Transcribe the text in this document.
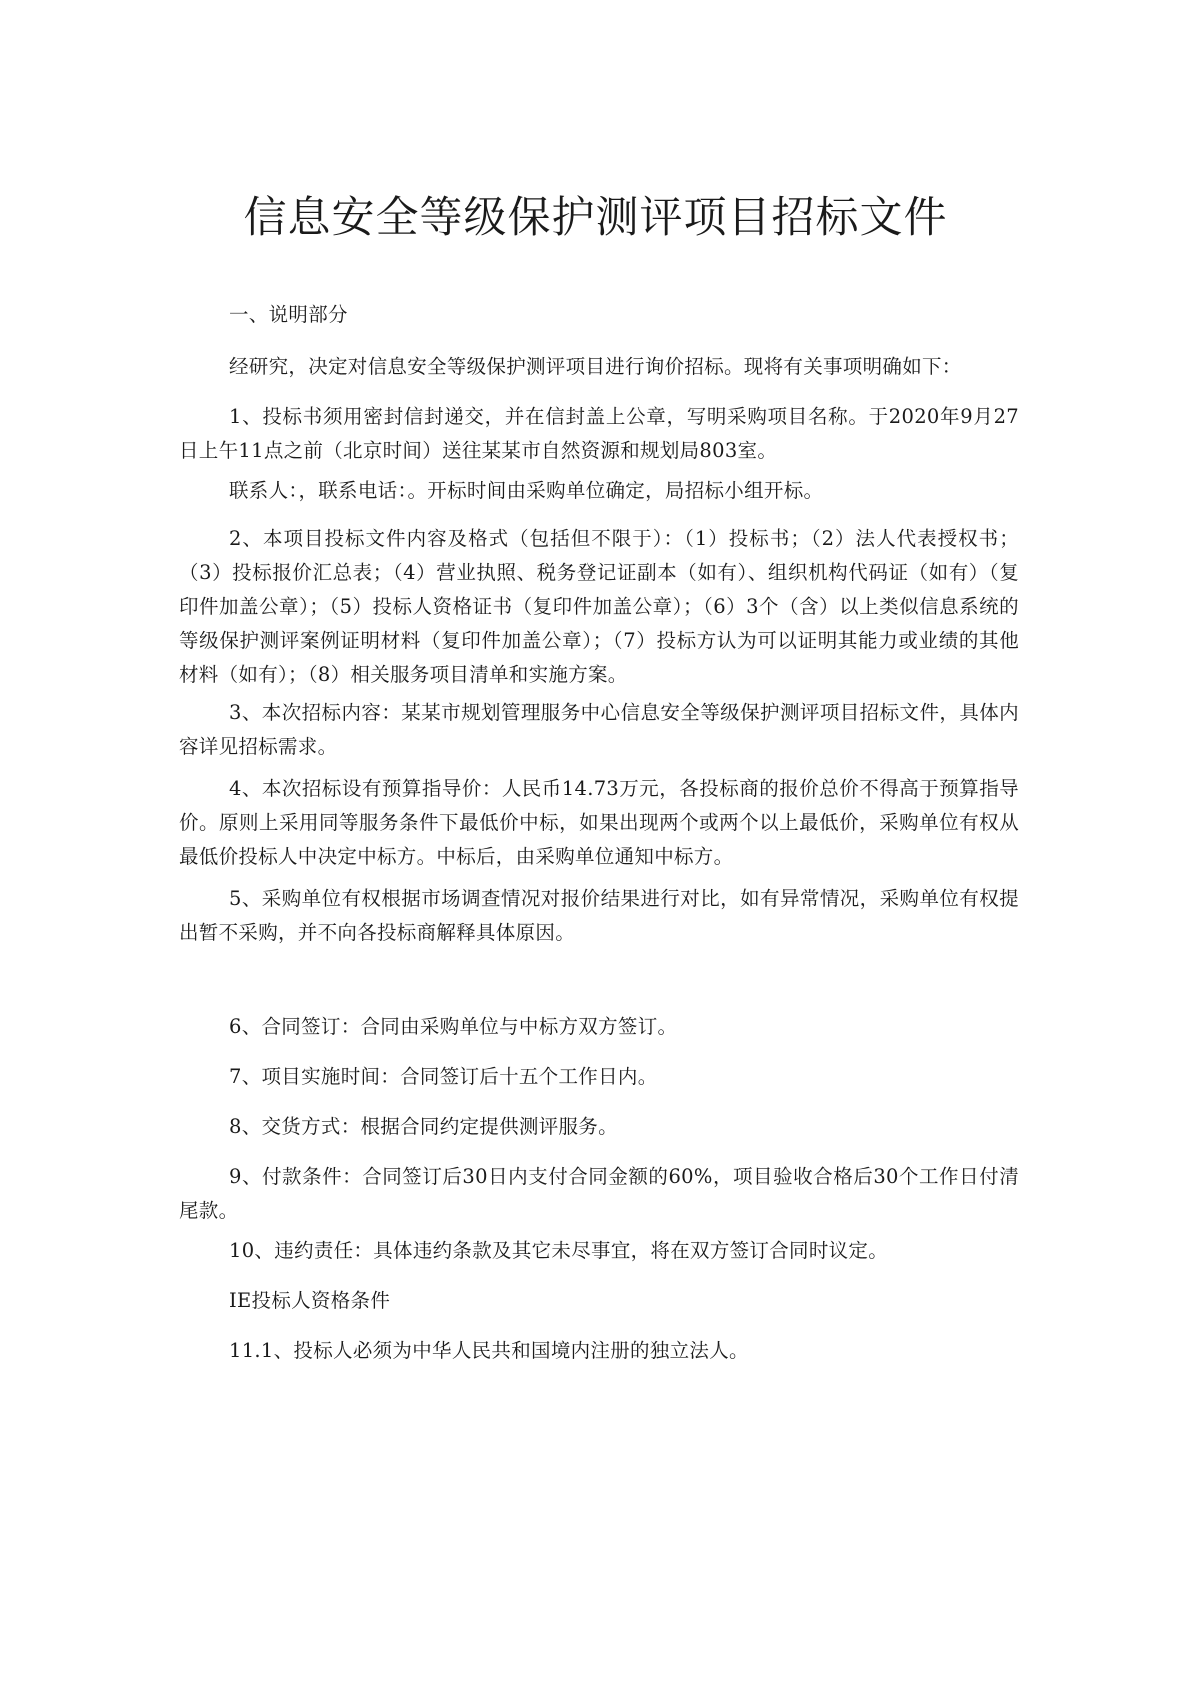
信息安全等级保护测评项目招标文件

一、说明部分

经研究，决定对信息安全等级保护测评项目进行询价招标。现将有关事项明确如下：

1、投标书须用密封信封递交，并在信封盖上公章，写明采购项目名称。于2020年9月27日上午11点之前（北京时间）送往某某市自然资源和规划局803室。

联系人：，联系电话：。开标时间由采购单位确定，局招标小组开标。

2、本项目投标文件内容及格式（包括但不限于）：（1）投标书；（2）法人代表授权书；（3）投标报价汇总表；（4）营业执照、税务登记证副本（如有）、组织机构代码证（如有）（复印件加盖公章）；（5）投标人资格证书（复印件加盖公章）；（6）3个（含）以上类似信息系统的等级保护测评案例证明材料（复印件加盖公章）；（7）投标方认为可以证明其能力或业绩的其他材料（如有）；（8）相关服务项目清单和实施方案。

3、本次招标内容：某某市规划管理服务中心信息安全等级保护测评项目招标文件，具体内容详见招标需求。

4、本次招标设有预算指导价：人民币14.73万元，各投标商的报价总价不得高于预算指导价。原则上采用同等服务条件下最低价中标，如果出现两个或两个以上最低价，采购单位有权从最低价投标人中决定中标方。中标后，由采购单位通知中标方。

5、采购单位有权根据市场调查情况对报价结果进行对比，如有异常情况，采购单位有权提出暂不采购，并不向各投标商解释具体原因。

6、合同签订：合同由采购单位与中标方双方签订。

7、项目实施时间：合同签订后十五个工作日内。

8、交货方式：根据合同约定提供测评服务。

9、付款条件：合同签订后30日内支付合同金额的60%，项目验收合格后30个工作日付清尾款。

10、违约责任：具体违约条款及其它未尽事宜，将在双方签订合同时议定。

IE投标人资格条件

11.1、投标人必须为中华人民共和国境内注册的独立法人。
